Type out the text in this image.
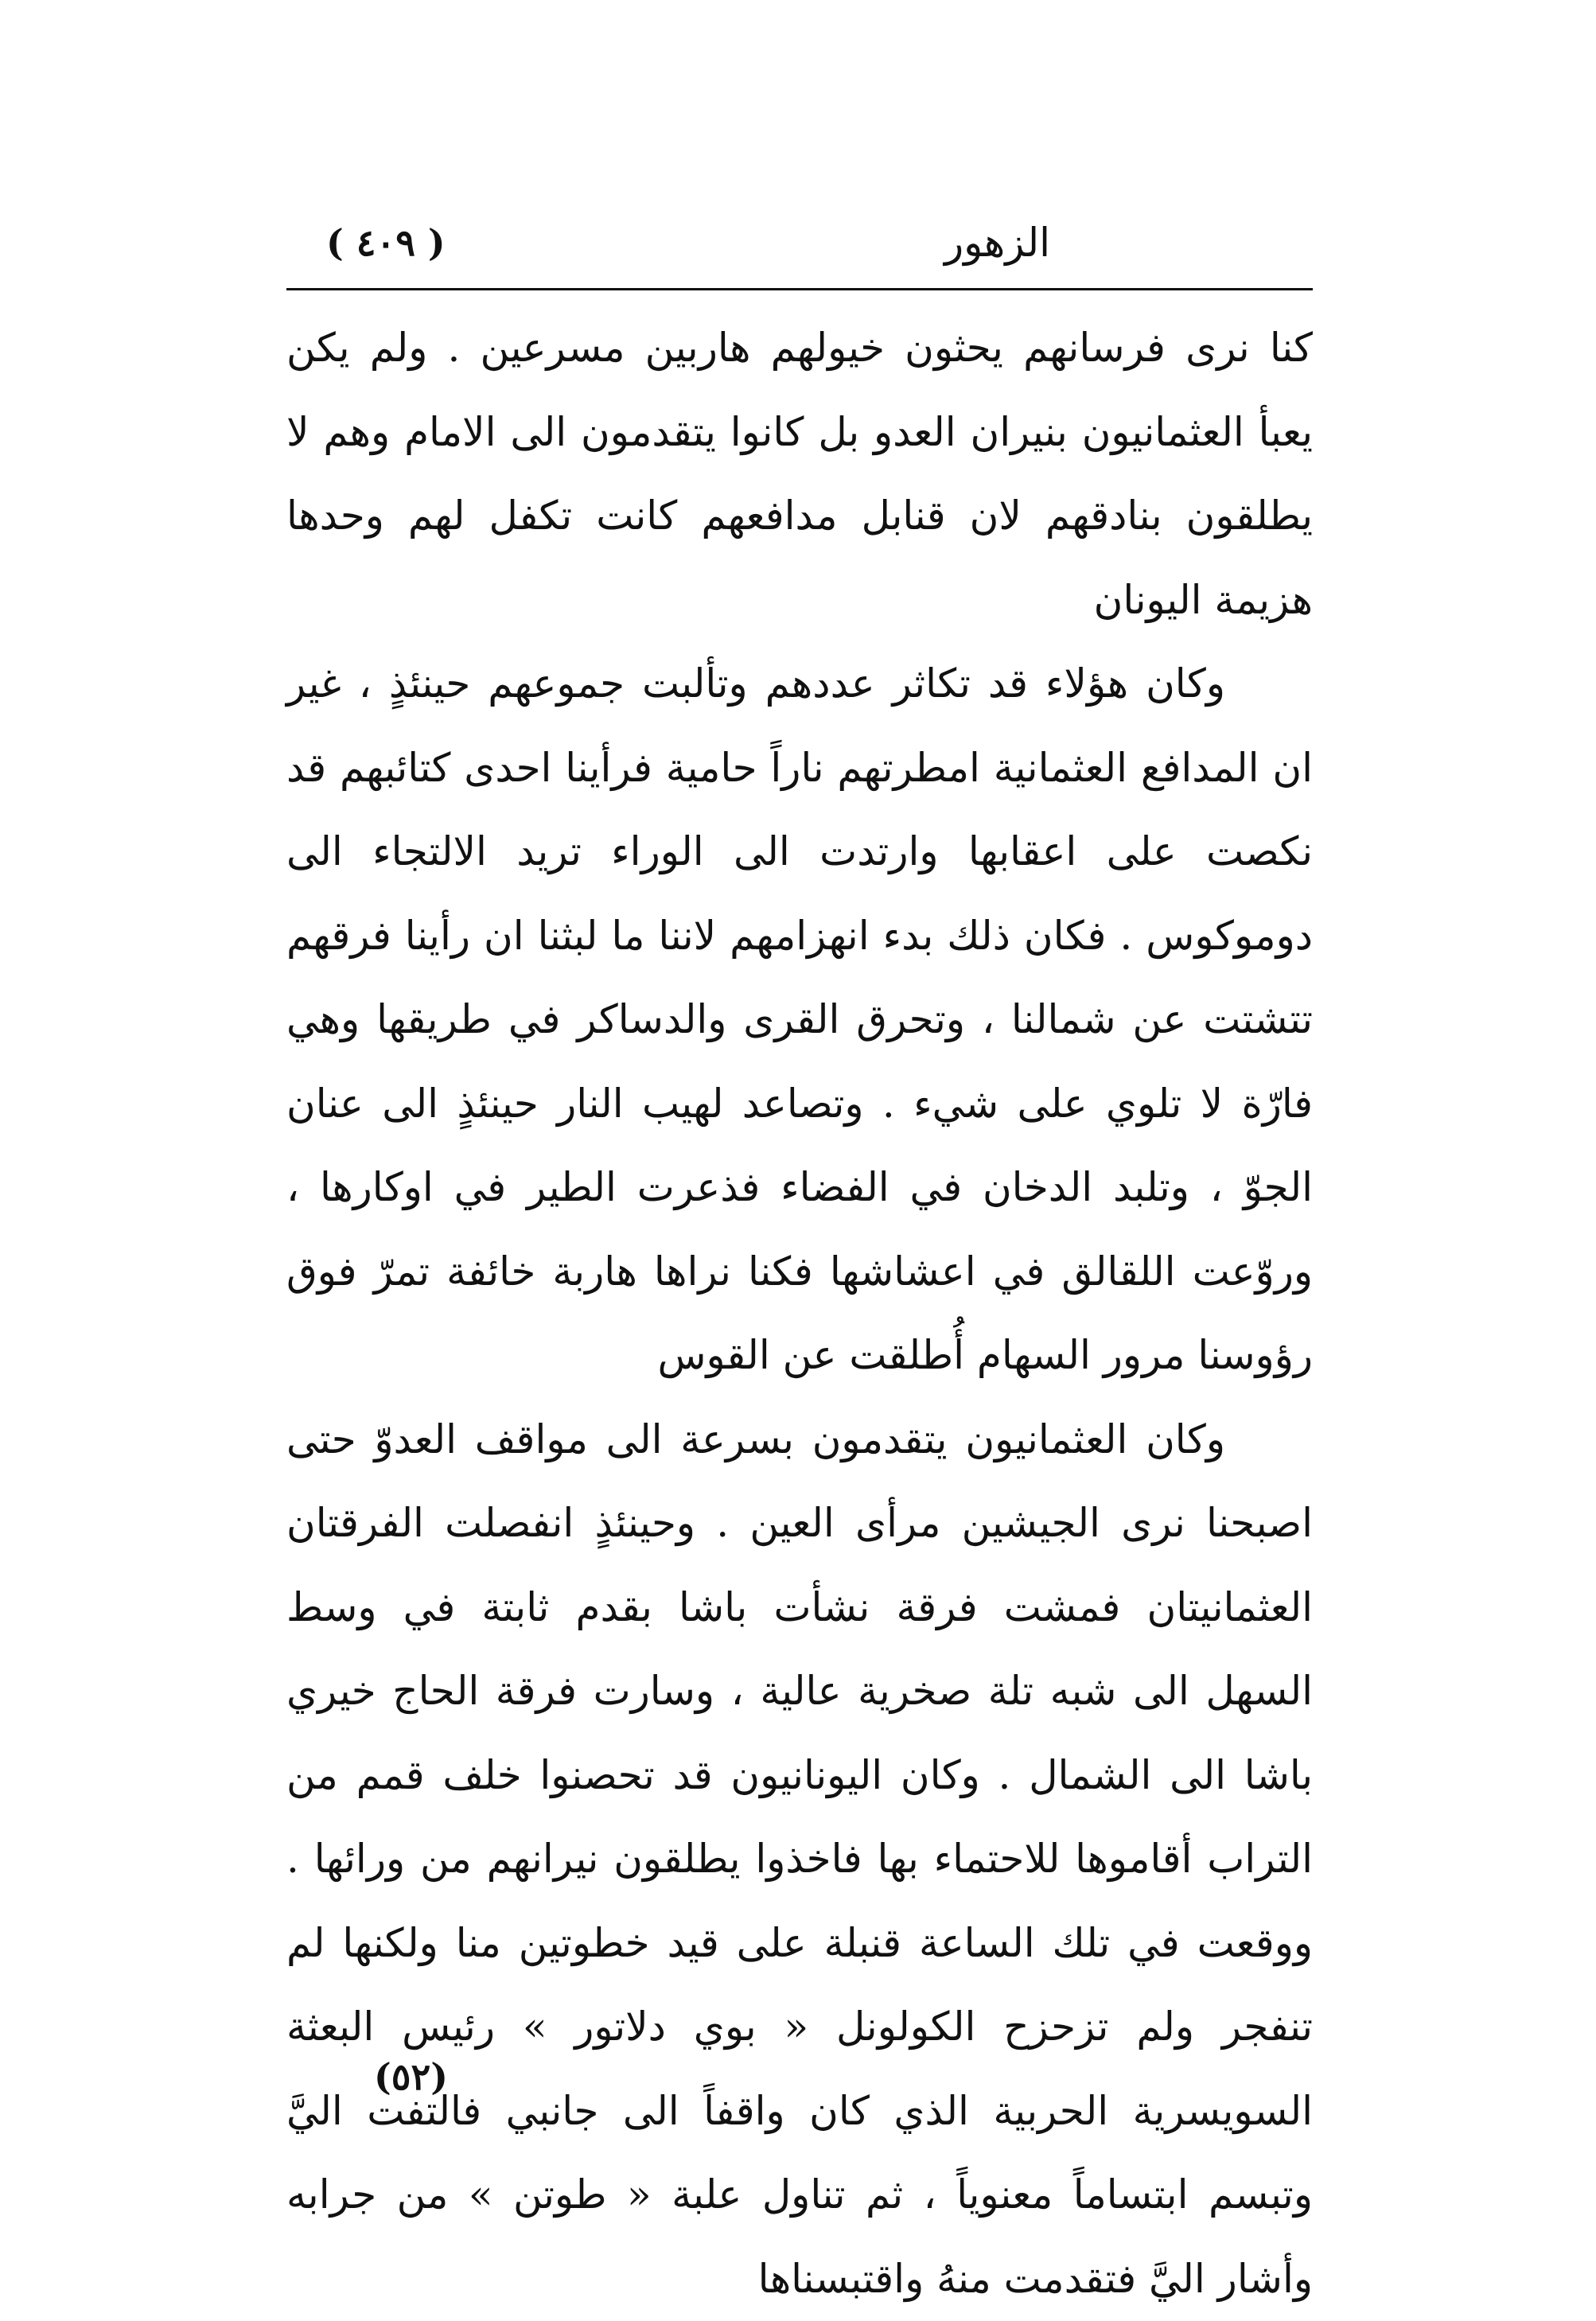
الزهور
( ٤٠٩ )

كنا نرى فرسانهم يحثون خيولهم هاربين مسرعين . ولم يكن يعبأ العثمانيون بنيران العدو بل كانوا يتقدمون الى الامام وهم لا يطلقون بنادقهم لان قنابل مدافعهم كانت تكفل لهم وحدها هزيمة اليونان

وكان هؤلاء قد تكاثر عددهم وتألبت جموعهم حينئذٍ ، غير ان المدافع العثمانية امطرتهم ناراً حامية فرأينا احدى كتائبهم قد نكصت على اعقابها وارتدت الى الوراء تريد الالتجاء الى دوموكوس . فكان ذلك بدء انهزامهم لاننا ما لبثنا ان رأينا فرقهم تتشتت عن شمالنا ، وتحرق القرى والدساكر في طريقها وهي فارّة لا تلوي على شيء . وتصاعد لهيب النار حينئذٍ الى عنان الجوّ ، وتلبد الدخان في الفضاء فذعرت الطير في اوكارها ، وروّعت اللقالق في اعشاشها فكنا نراها هاربة خائفة تمرّ فوق رؤوسنا مرور السهام أُطلقت عن القوس

وكان العثمانيون يتقدمون بسرعة الى مواقف العدوّ حتى اصبحنا نرى الجيشين مرأى العين . وحينئذٍ انفصلت الفرقتان العثمانيتان فمشت فرقة نشأت باشا بقدم ثابتة في وسط السهل الى شبه تلة صخرية عالية ، وسارت فرقة الحاج خيري باشا الى الشمال . وكان اليونانيون قد تحصنوا خلف قمم من التراب أقاموها للاحتماء بها فاخذوا يطلقون نيرانهم من ورائها . ووقعت في تلك الساعة قنبلة على قيد خطوتين منا ولكنها لم تنفجر ولم تزحزح الكولونل « بوي دلاتور » رئيس البعثة السويسرية الحربية الذي كان واقفاً الى جانبي فالتفت اليَّ وتبسم ابتساماً معنوياً ، ثم تناول علبة « طوتن » من جرابه وأشار اليَّ فتقدمت منهُ واقتبسناها

(٥٢)
